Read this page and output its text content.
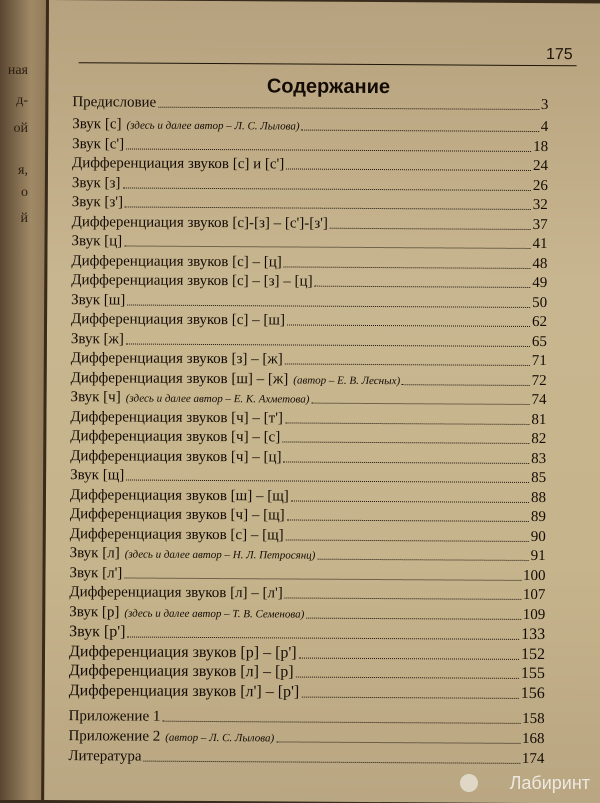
ная
д-
ой
я,
о
й
175
Содержание
Предисловие	3
Звук [с] (здесь и далее автор – Л. С. Лылова)	4
Звук [с']	18
Дифференциация звуков [с] и [с']	24
Звук [з]	26
Звук [з']	32
Дифференциация звуков [с]-[з] – [с']-[з']	37
Звук [ц]	41
Дифференциация звуков [с] – [ц]	48
Дифференциация звуков [с] – [з] – [ц]	49
Звук [ш]	50
Дифференциация звуков [с] – [ш]	62
Звук [ж]	65
Дифференциация звуков [з] – [ж]	71
Дифференциация звуков [ш] – [ж] (автор – Е. В. Лесных)	72
Звук [ч] (здесь и далее автор – Е. К. Ахметова)	74
Дифференциация звуков [ч] – [т']	81
Дифференциация звуков [ч] – [с]	82
Дифференциация звуков [ч] – [ц]	83
Звук [щ]	85
Дифференциация звуков [ш] – [щ]	88
Дифференциация звуков [ч] – [щ]	89
Дифференциация звуков [с] – [щ]	90
Звук [л] (здесь и далее автор – Н. Л. Петросянц)	91
Звук [л']	100
Дифференциация звуков [л] – [л']	107
Звук [р] (здесь и далее автор – Т. В. Семенова)	109
Звук [р']	133
Дифференциация звуков [р] – [р']	152
Дифференциация звуков [л] – [р]	155
Дифференциация звуков [л'] – [р']	156
Приложение 1	158
Приложение 2 (автор – Л. С. Лылова)	168
Литература	174
Лабиринт
